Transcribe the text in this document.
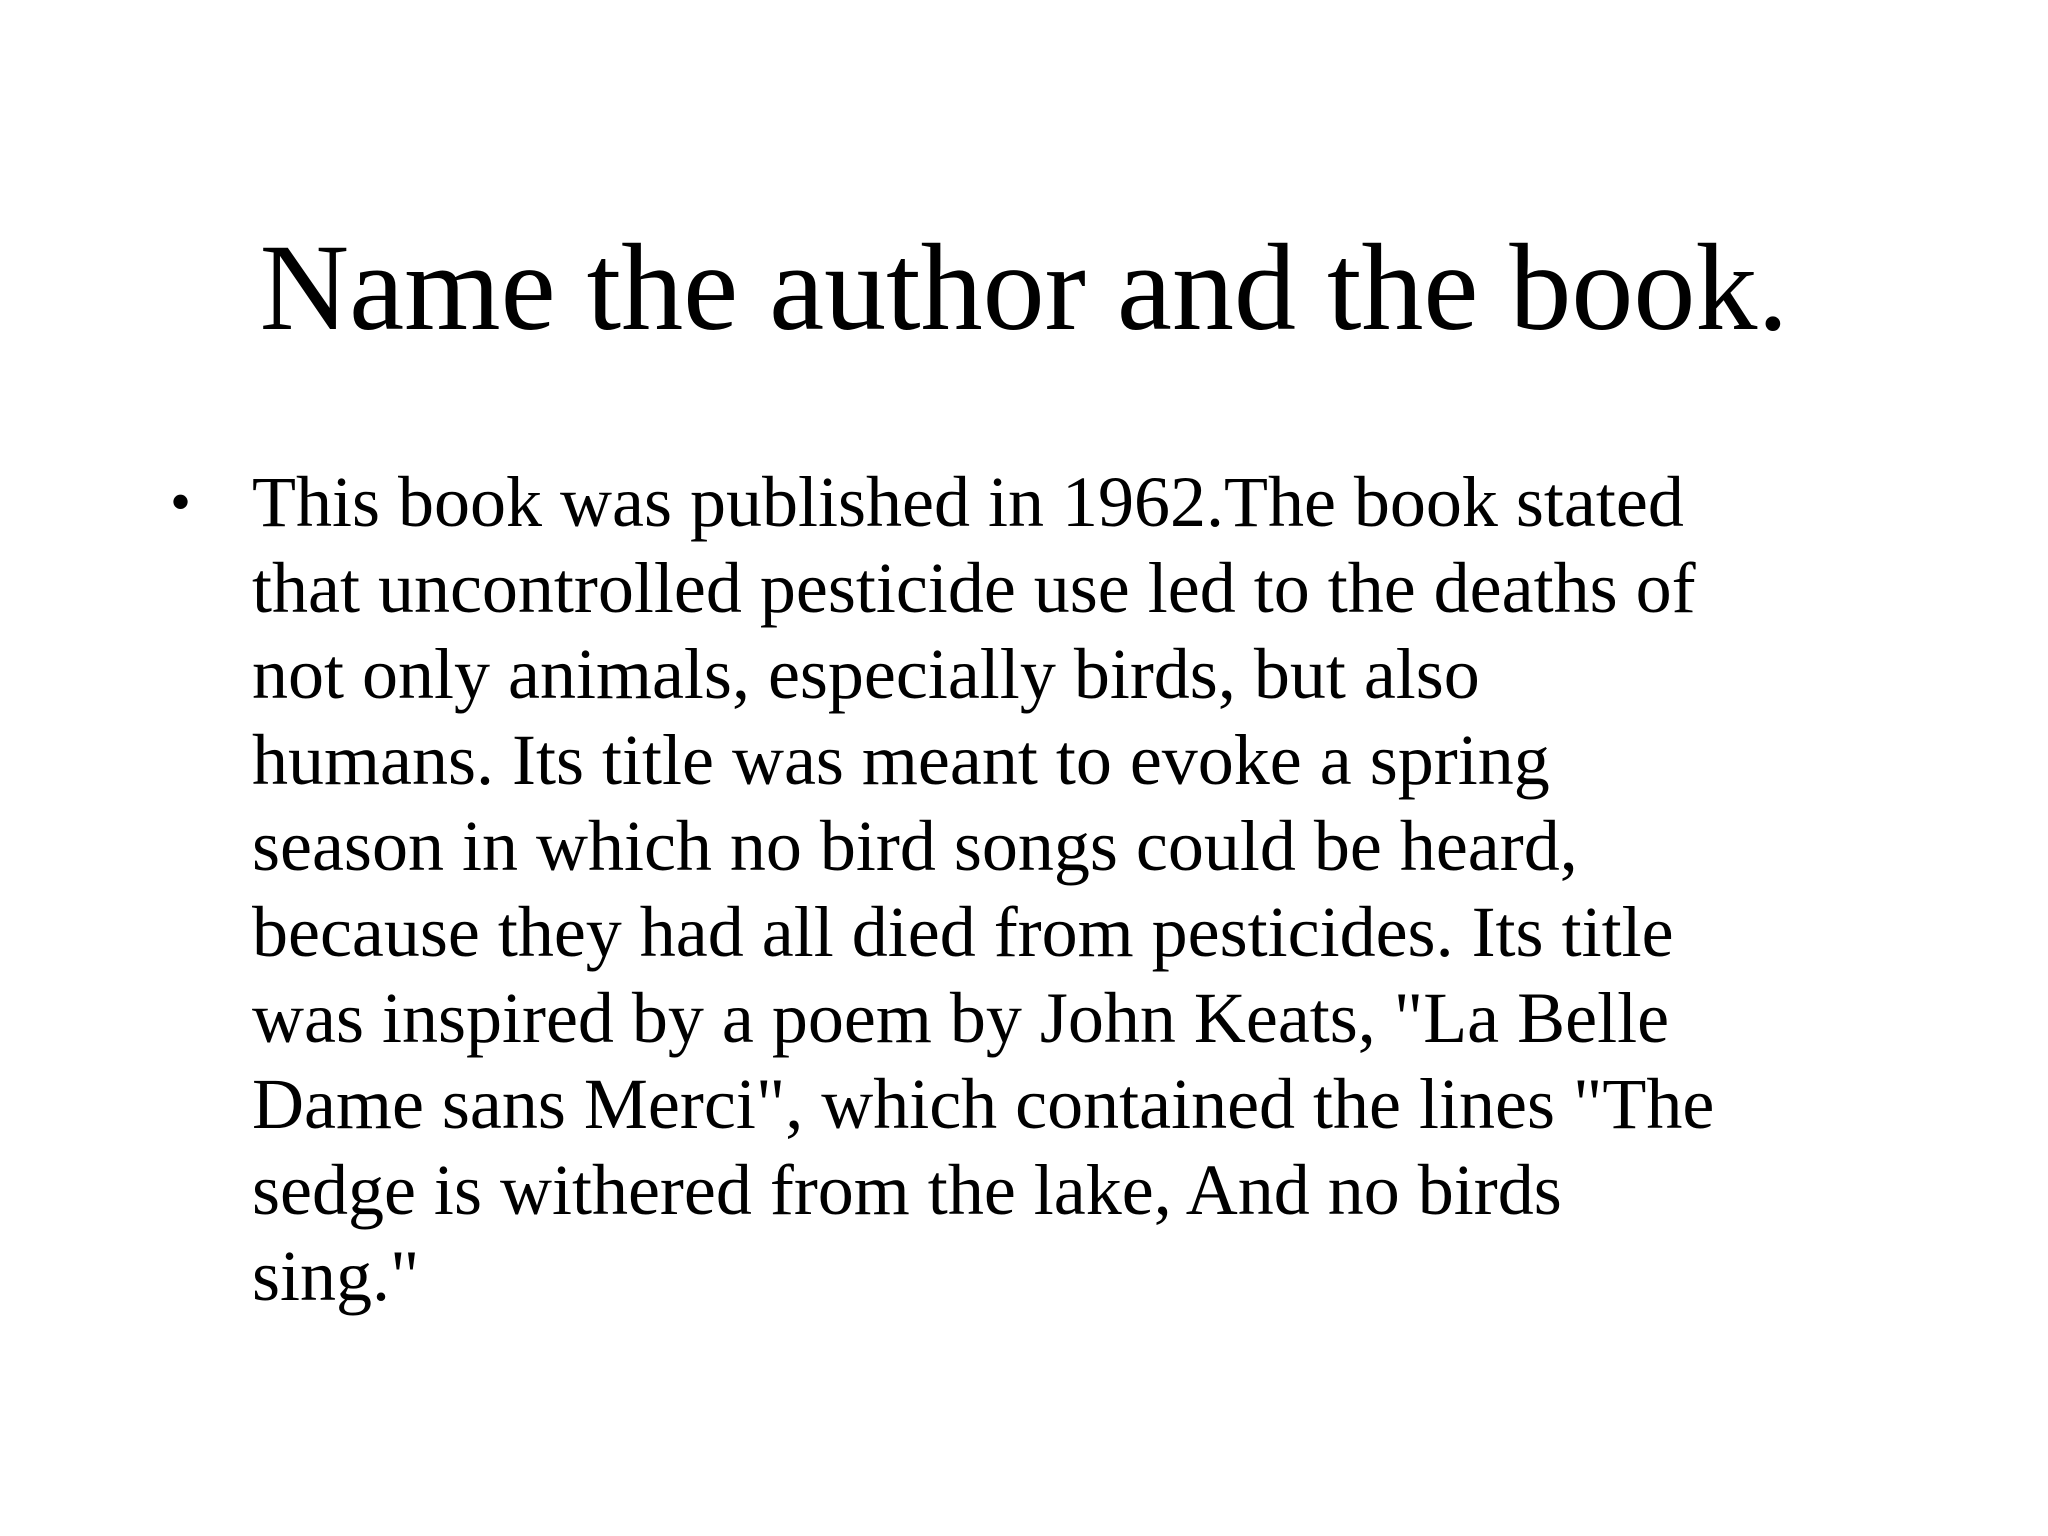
Name the author and the book.
• This book was published in 1962.The book stated
that uncontrolled pesticide use led to the deaths of
not only animals, especially birds, but also
humans. Its title was meant to evoke a spring
season in which no bird songs could be heard,
because they had all died from pesticides. Its title
was inspired by a poem by John Keats, "La Belle
Dame sans Merci", which contained the lines "The
sedge is withered from the lake, And no birds
sing."
